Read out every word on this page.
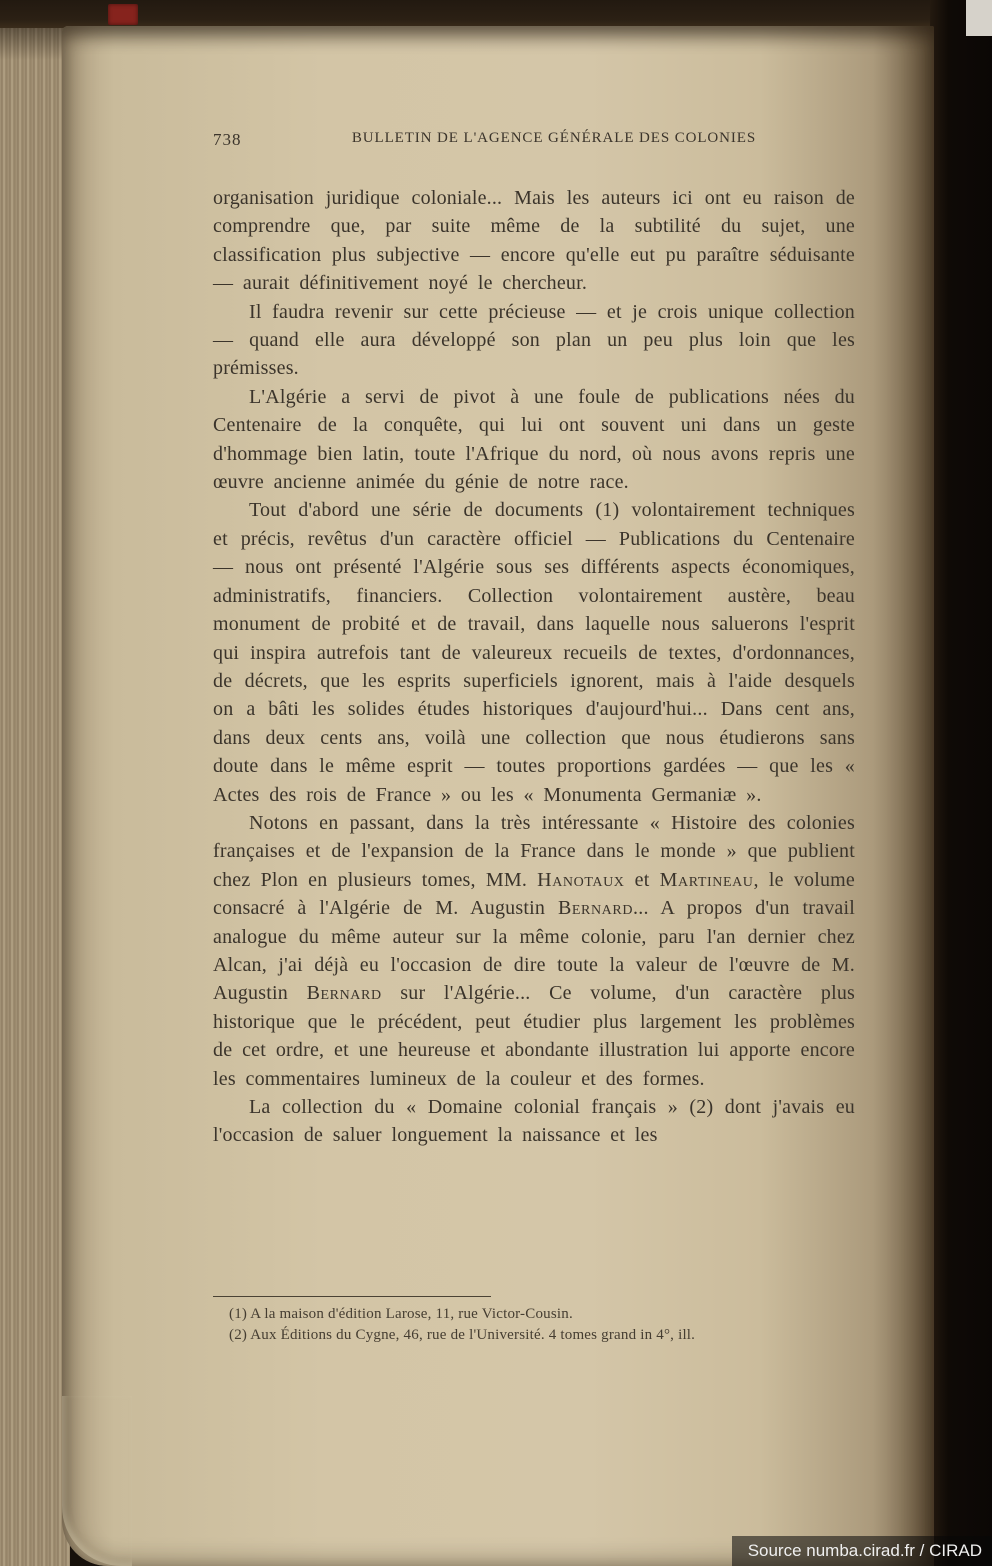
738	BULLETIN DE L'AGENCE GÉNÉRALE DES COLONIES

organisation juridique coloniale... Mais les auteurs ici ont eu raison de comprendre que, par suite même de la subtilité du sujet, une classification plus subjective — encore qu'elle eut pu paraître séduisante — aurait définitivement noyé le chercheur.

Il faudra revenir sur cette précieuse — et je crois unique collection — quand elle aura développé son plan un peu plus loin que les prémisses.

L'Algérie a servi de pivot à une foule de publications nées du Centenaire de la conquête, qui lui ont souvent uni dans un geste d'hommage bien latin, toute l'Afrique du nord, où nous avons repris une œuvre ancienne animée du génie de notre race.

Tout d'abord une série de documents (1) volontairement techniques et précis, revêtus d'un caractère officiel — Publications du Centenaire — nous ont présenté l'Algérie sous ses différents aspects économiques, administratifs, financiers. Collection volontairement austère, beau monument de probité et de travail, dans laquelle nous saluerons l'esprit qui inspira autrefois tant de valeureux recueils de textes, d'ordonnances, de décrets, que les esprits superficiels ignorent, mais à l'aide desquels on a bâti les solides études historiques d'aujourd'hui... Dans cent ans, dans deux cents ans, voilà une collection que nous étudierons sans doute dans le même esprit — toutes proportions gardées — que les « Actes des rois de France » ou les « Monumenta Germaniæ ».

Notons en passant, dans la très intéressante « Histoire des colonies françaises et de l'expansion de la France dans le monde » que publient chez Plon en plusieurs tomes, MM. Hanotaux et Martineau, le volume consacré à l'Algérie de M. Augustin Bernard... A propos d'un travail analogue du même auteur sur la même colonie, paru l'an dernier chez Alcan, j'ai déjà eu l'occasion de dire toute la valeur de l'œuvre de M. Augustin Bernard sur l'Algérie... Ce volume, d'un caractère plus historique que le précédent, peut étudier plus largement les problèmes de cet ordre, et une heureuse et abondante illustration lui apporte encore les commentaires lumineux de la couleur et des formes.

La collection du « Domaine colonial français » (2) dont j'avais eu l'occasion de saluer longuement la naissance et les

(1) A la maison d'édition Larose, 11, rue Victor-Cousin.
(2) Aux Éditions du Cygne, 46, rue de l'Université. 4 tomes grand in 4°, ill.
Source numba.cirad.fr / CIRAD
